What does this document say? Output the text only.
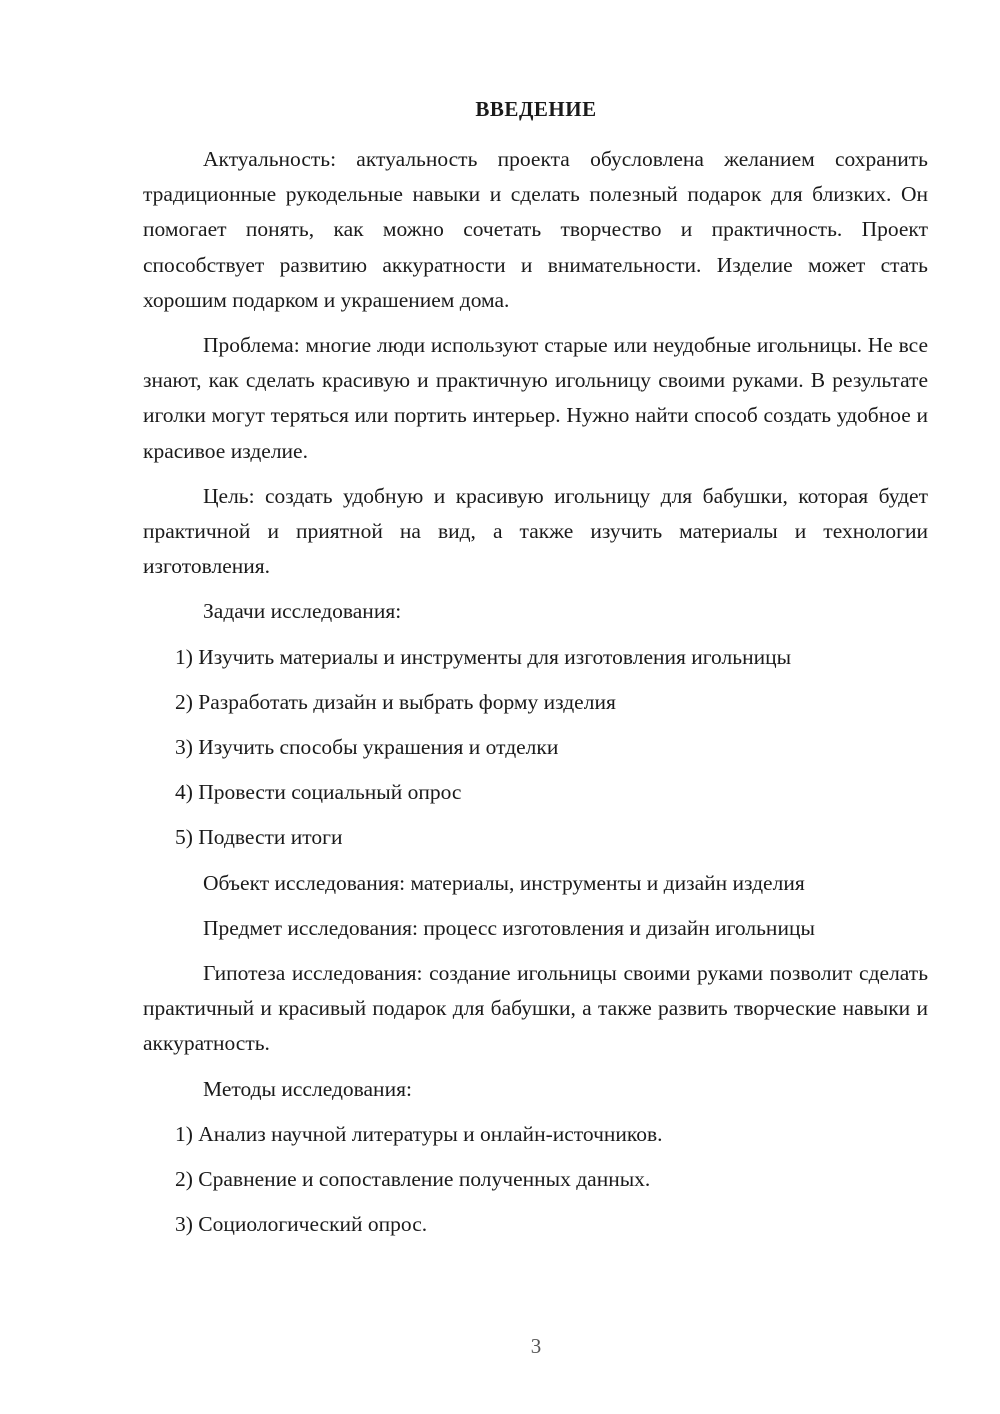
ВВЕДЕНИЕ

Актуальность: актуальность проекта обусловлена желанием сохранить традиционные рукодельные навыки и сделать полезный подарок для близких. Он помогает понять, как можно сочетать творчество и практичность. Проект способствует развитию аккуратности и внимательности. Изделие может стать хорошим подарком и украшением дома.

Проблема: многие люди используют старые или неудобные игольницы. Не все знают, как сделать красивую и практичную игольницу своими руками. В результате иголки могут теряться или портить интерьер. Нужно найти способ создать удобное и красивое изделие.

Цель: создать удобную и красивую игольницу для бабушки, которая будет практичной и приятной на вид, а также изучить материалы и технологии изготовления.

Задачи исследования:

1) Изучить материалы и инструменты для изготовления игольницы

2) Разработать дизайн и выбрать форму изделия

3) Изучить способы украшения и отделки

4) Провести социальный опрос

5) Подвести итоги

Объект исследования: материалы, инструменты и дизайн изделия

Предмет исследования: процесс изготовления и дизайн игольницы

Гипотеза исследования: создание игольницы своими руками позволит сделать практичный и красивый подарок для бабушки, а также развить творческие навыки и аккуратность.

Методы исследования:

1) Анализ научной литературы и онлайн-источников.

2) Сравнение и сопоставление полученных данных.

3) Социологический опрос.

3
